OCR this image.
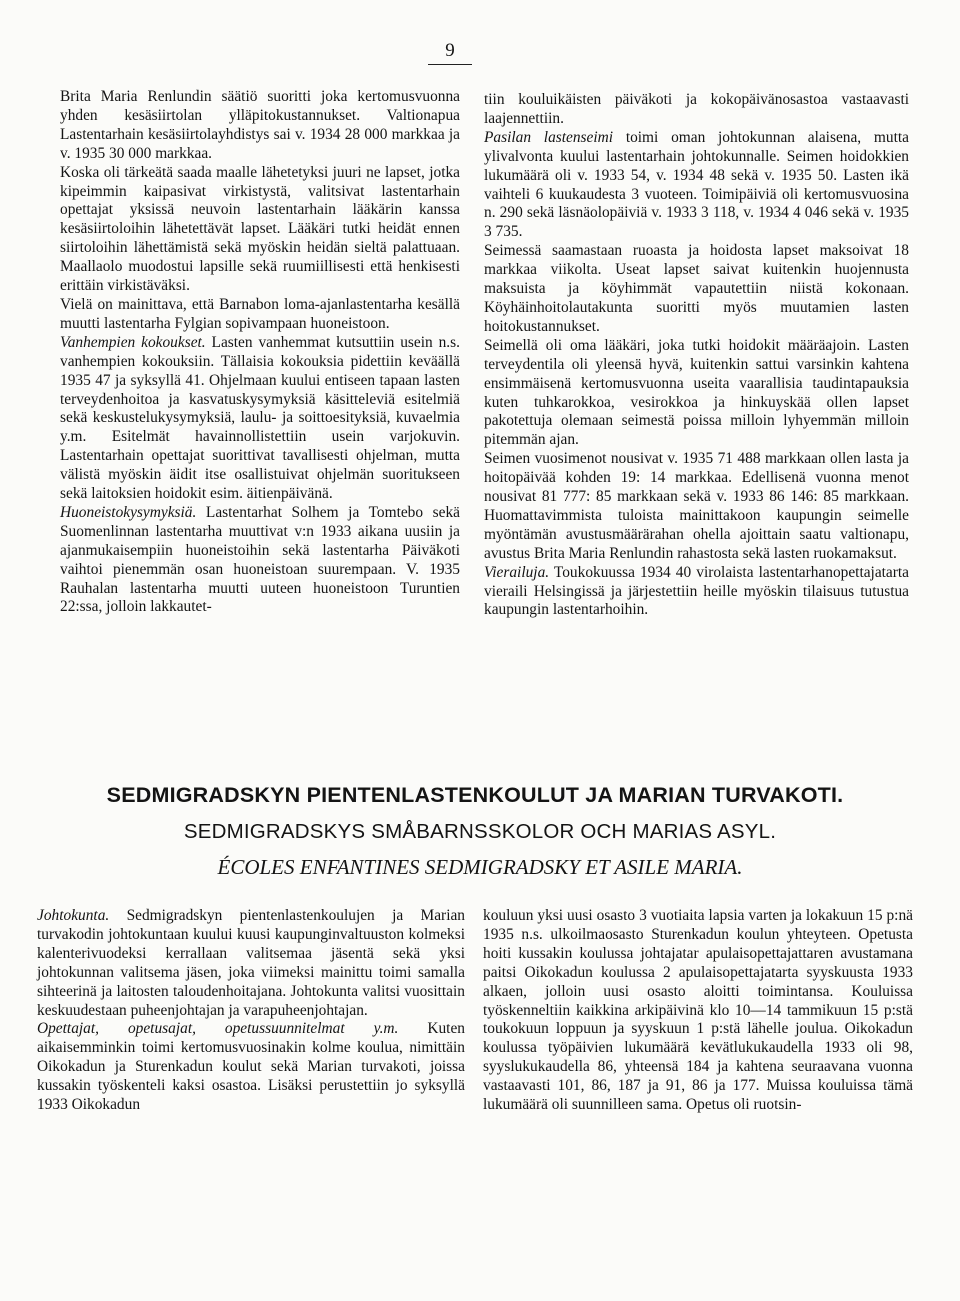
9

Brita Maria Renlundin säätiö suoritti joka kertomusvuonna yhden kesäsiirtolan ylläpitokustannukset. Valtionapua Lastentarhain kesäsiirtolayhdistys sai v. 1934 28 000 markkaa ja v. 1935 30 000 markkaa.

Koska oli tärkeätä saada maalle lähetetyksi juuri ne lapset, jotka kipeimmin kaipasivat virkistystä, valitsivat lastentarhain opettajat yksissä neuvoin lastentarhain lääkärin kanssa kesäsiirtoloihin lähetettävät lapset. Lääkäri tutki heidät ennen siirtoloihin lähettämistä sekä myöskin heidän sieltä palattuaan. Maallaolo muodostui lapsille sekä ruumiillisesti että henkisesti erittäin virkistäväksi.

Vielä on mainittava, että Barnabon loma-ajanlastentarha kesällä muutti lastentarha Fylgian sopivampaan huoneistoon.

Vanhempien kokoukset. Lasten vanhemmat kutsuttiin usein n.s. vanhempien kokouksiin. Tällaisia kokouksia pidettiin keväällä 1935 47 ja syksyllä 41. Ohjelmaan kuului entiseen tapaan lasten terveydenhoitoa ja kasvatuskysymyksiä käsitteleviä esitelmiä sekä keskustelukysymyksiä, laulu- ja soittoesityksiä, kuvaelmia y.m. Esitelmät havainnollistettiin usein varjokuvin. Lastentarhain opettajat suorittivat tavallisesti ohjelman, mutta välistä myöskin äidit itse osallistuivat ohjelmän suoritukseen sekä laitoksien hoidokit esim. äitienpäivänä.

Huoneistokysymyksiä. Lastentarhat Solhem ja Tomtebo sekä Suomenlinnan lastentarha muuttivat v:n 1933 aikana uusiin ja ajanmukaisempiin huoneistoihin sekä lastentarha Päiväkoti vaihtoi pienemmän osan huoneistoan suurempaan. V. 1935 Rauhalan lastentarha muutti uuteen huoneistoon Turuntien 22:ssa, jolloin lakkautet-

tiin kouluikäisten päiväkoti ja kokopäivänosastoa vastaavasti laajennettiin.

Pasilan lastenseimi toimi oman johtokunnan alaisena, mutta ylivalvonta kuului lastentarhain johtokunnalle. Seimen hoidokkien lukumäärä oli v. 1933 54, v. 1934 48 sekä v. 1935 50. Lasten ikä vaihteli 6 kuukaudesta 3 vuoteen. Toimipäiviä oli kertomusvuosina n. 290 sekä läsnäolopäiviä v. 1933 3 118, v. 1934 4 046 sekä v. 1935 3 735.

Seimessä saamastaan ruoasta ja hoidosta lapset maksoivat 18 markkaa viikolta. Useat lapset saivat kuitenkin huojennusta maksuista ja köyhimmät vapautettiin niistä kokonaan. Köyhäinhoitolautakunta suoritti myös muutamien lasten hoitokustannukset.

Seimellä oli oma lääkäri, joka tutki hoidokit määräajoin. Lasten terveydentila oli yleensä hyvä, kuitenkin sattui varsinkin kahtena ensimmäisenä kertomusvuonna useita vaarallisia taudintapauksia kuten tuhkarokkoa, vesirokkoa ja hinkuyskää ollen lapset pakotettuja olemaan seimestä poissa milloin lyhyemmän milloin pitemmän ajan.

Seimen vuosimenot nousivat v. 1935 71 488 markkaan ollen lasta ja hoitopäivää kohden 19: 14 markkaa. Edellisenä vuonna menot nousivat 81 777: 85 markkaan sekä v. 1933 86 146: 85 markkaan. Huomattavimmista tuloista mainittakoon kaupungin seimelle myöntämän avustusmäärärahan ohella ajoittain saatu valtionapu, avustus Brita Maria Renlundin rahastosta sekä lasten ruokamaksut.

Vierailuja. Toukokuussa 1934 40 virolaista lastentarhanopettajatarta vieraili Helsingissä ja järjestettiin heille myöskin tilaisuus tutustua kaupungin lastentarhoihin.

SEDMIGRADSKYN PIENTENLASTENKOULUT JA MARIAN TURVAKOTI.
SEDMIGRADSKYS SMÅBARNSSKOLOR OCH MARIAS ASYL.
ÉCOLES ENFANTINES SEDMIGRADSKY ET ASILE MARIA.

Johtokunta. Sedmigradskyn pientenlastenkoulujen ja Marian turvakodin johtokuntaan kuului kuusi kaupunginvaltuuston kolmeksi kalenterivuodeksi kerrallaan valitsemaa jäsentä sekä yksi johtokunnan valitsema jäsen, joka viimeksi mainittu toimi samalla sihteerinä ja laitosten taloudenhoitajana. Johtokunta valitsi vuosittain keskuudestaan puheenjohtajan ja varapuheenjohtajan.

Opettajat, opetusajat, opetussuunnitelmat y.m. Kuten aikaisemminkin toimi kertomusvuosinakin kolme koulua, nimittäin Oikokadun ja Sturenkadun koulut sekä Marian turvakoti, joissa kussakin työskenteli kaksi osastoa. Lisäksi perustettiin jo syksyllä 1933 Oikokadun

kouluun yksi uusi osasto 3 vuotiaita lapsia varten ja lokakuun 15 p:nä 1935 n.s. ulkoilmaosasto Sturenkadun koulun yhteyteen. Opetusta hoiti kussakin koulussa johtajatar apulaisopettajattaren avustamana paitsi Oikokadun koulussa 2 apulaisopettajatarta syyskuusta 1933 alkaen, jolloin uusi osasto aloitti toimintansa. Kouluissa työskenneltiin kaikkina arkipäivinä klo 10—14 tammikuun 15 p:stä toukokuun loppuun ja syyskuun 1 p:stä lähelle joulua. Oikokadun koulussa työpäivien lukumäärä kevätlukukaudella 1933 oli 98, syyslukukaudella 86, yhteensä 184 ja kahtena seuraavana vuonna vastaavasti 101, 86, 187 ja 91, 86 ja 177. Muissa kouluissa tämä lukumäärä oli suunnilleen sama. Opetus oli ruotsin-
